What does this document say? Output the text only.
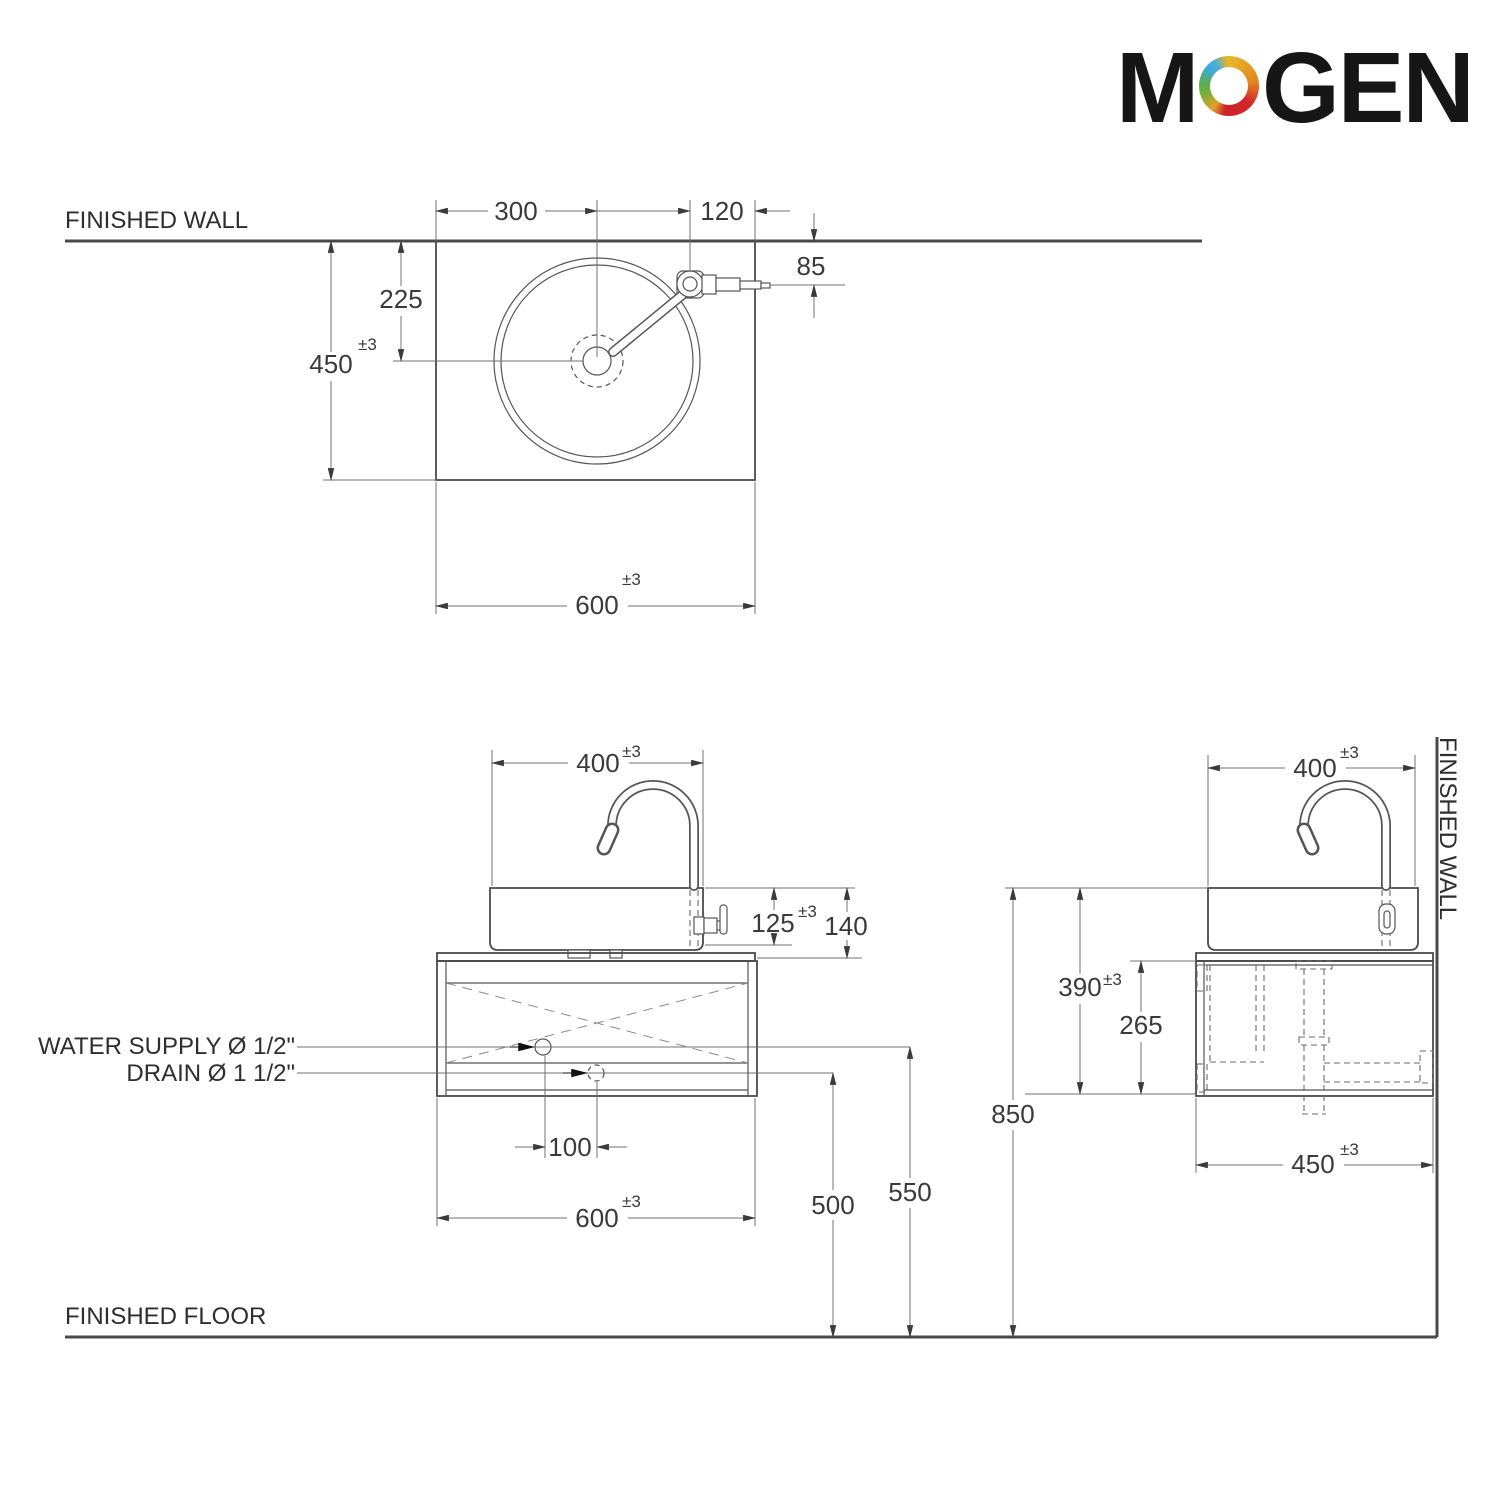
FINISHED WALL
FINISHED FLOOR
FINISHED WALL
300	120
85
225
450
±3
600
±3
WATER SUPPLY Ø 1/2"
DRAIN Ø 1 1/2"
400 ±3
125 ±3 140
100
600
±3	500 550
400
±3
850
390 ±3
265
450 ±3
M GEN
